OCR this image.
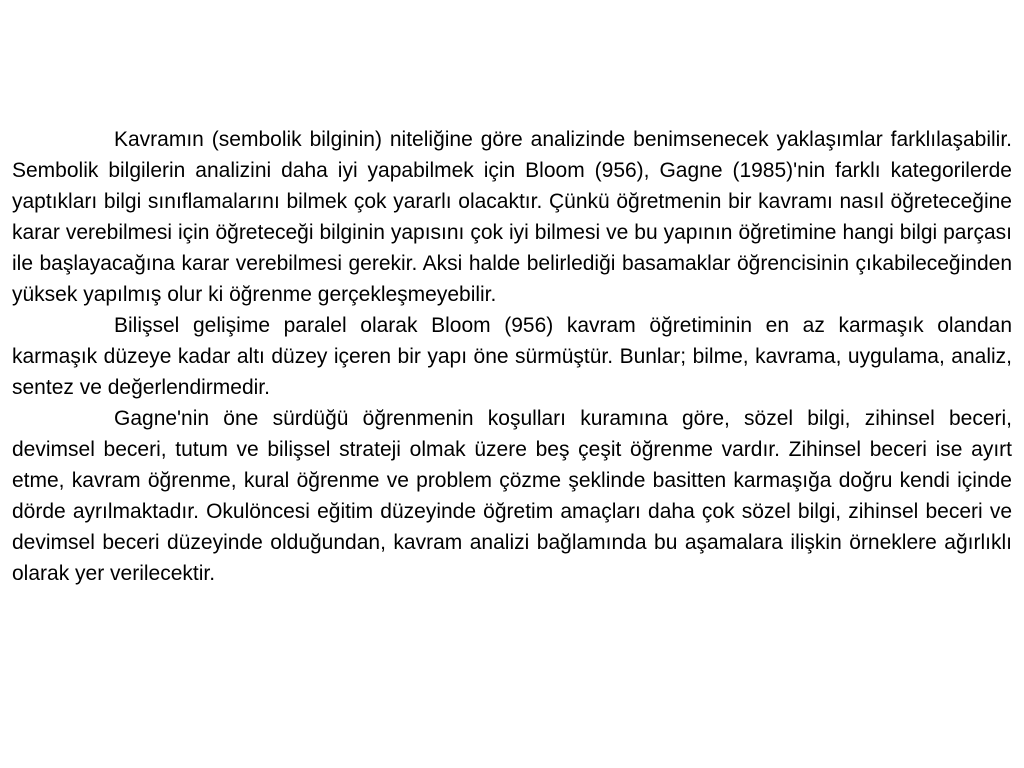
Kavramın (sembolik bilginin) niteliğine göre analizinde benimsenecek yaklaşımlar farklılaşabilir. Sembolik bilgilerin analizini daha iyi yapabilmek için Bloom (956), Gagne (1985)'nin farklı kategorilerde yaptıkları bilgi sınıflamalarını bilmek çok yararlı olacaktır. Çünkü öğretmenin bir kavramı nasıl öğreteceğine karar verebilmesi için öğreteceği bilginin yapısını çok iyi bilmesi ve bu yapının öğretimine hangi bilgi parçası ile başlayacağına karar verebilmesi gerekir. Aksi halde belirlediği basamaklar öğrencisinin çıkabileceğinden yüksek yapılmış olur ki öğrenme gerçekleşmeyebilir.

Bilişsel gelişime paralel olarak Bloom (956) kavram öğretiminin en az karmaşık olandan karmaşık düzeye kadar altı düzey içeren bir yapı öne sürmüştür. Bunlar; bilme, kavrama, uygulama, analiz, sentez ve değerlendirmedir.

Gagne'nin öne sürdüğü öğrenmenin koşulları kuramına göre, sözel bilgi, zihinsel beceri, devimsel beceri, tutum ve bilişsel strateji olmak üzere beş çeşit öğrenme vardır. Zihinsel beceri ise ayırt etme, kavram öğrenme, kural öğrenme ve problem çözme şeklinde basitten karmaşığa doğru kendi içinde dörde ayrılmaktadır. Okulöncesi eğitim düzeyinde öğretim amaçları daha çok sözel bilgi, zihinsel beceri ve devimsel beceri düzeyinde olduğundan, kavram analizi bağlamında bu aşamalara ilişkin örneklere ağırlıklı olarak yer verilecektir.
